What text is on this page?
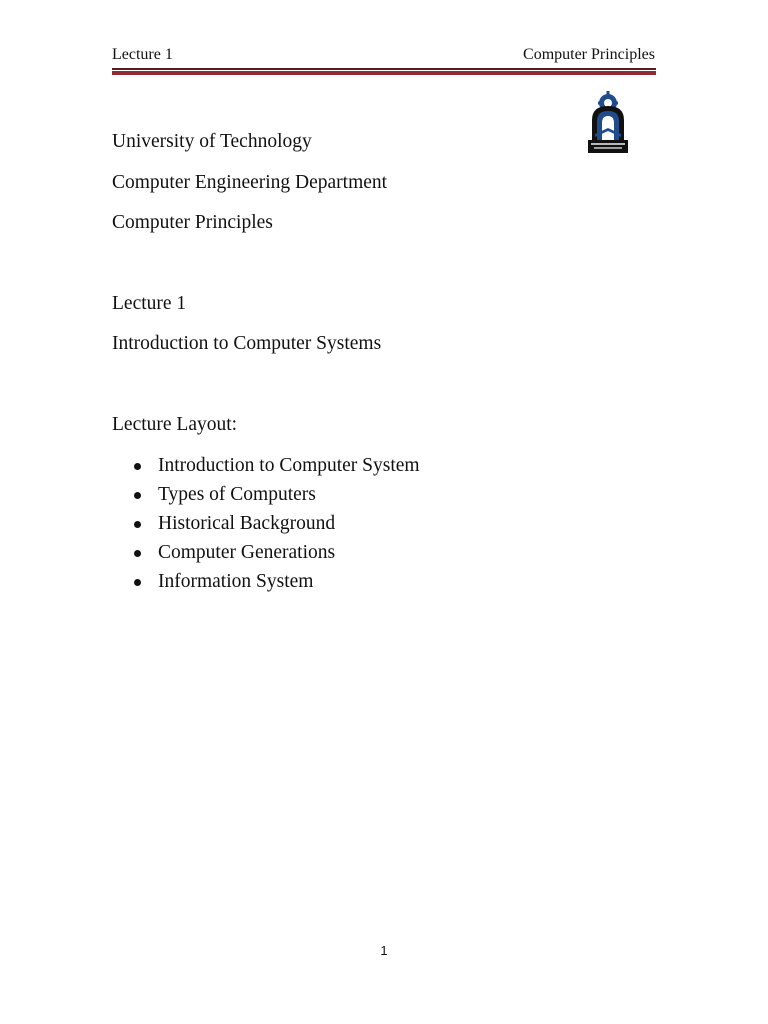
Lecture 1	Computer Principles
University of Technology
Computer Engineering Department
Computer Principles
Lecture 1
Introduction to Computer Systems
Lecture Layout:
Introduction to Computer System
Types of Computers
Historical Background
Computer Generations
Information System
1
